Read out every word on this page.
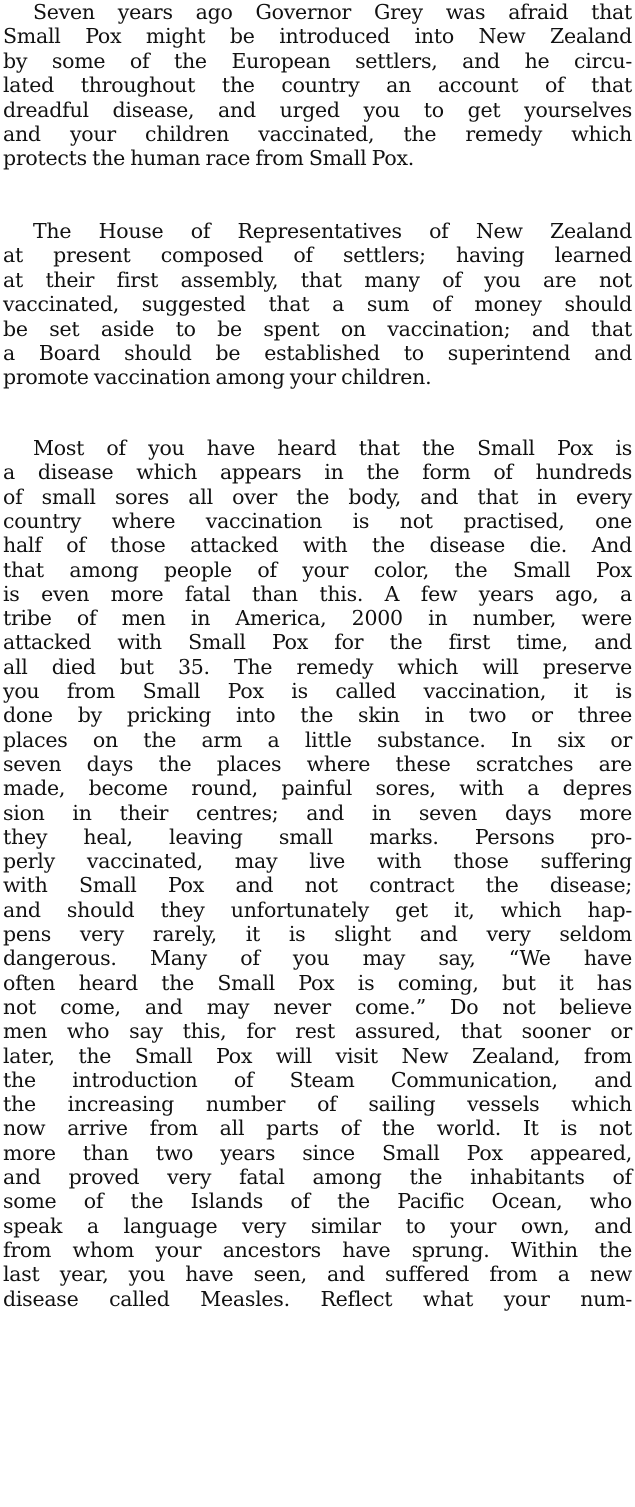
Seven years ago Governor Grey was afraid that
Small Pox might be introduced into New Zealand
by some of the European settlers, and he circu-
lated throughout the country an account of that
dreadful disease, and urged you to get yourselves
and your children vaccinated, the remedy which
protects the human race from Small Pox.
The House of Representatives of New Zealand
at present composed of settlers; having learned
at their first assembly, that many of you are not
vaccinated, suggested that a sum of money should
be set aside to be spent on vaccination; and that
a Board should be established to superintend and
promote vaccination among your children.
Most of you have heard that the Small Pox is
a disease which appears in the form of hundreds
of small sores all over the body, and that in every
country where vaccination is not practised, one
half of those attacked with the disease die. And
that among people of your color, the Small Pox
is even more fatal than this. A few years ago, a
tribe of men in America, 2000 in number, were
attacked with Small Pox for the first time, and
all died but 35. The remedy which will preserve
you from Small Pox is called vaccination, it is
done by pricking into the skin in two or three
places on the arm a little substance. In six or
seven days the places where these scratches are
made, become round, painful sores, with a depres
sion in their centres; and in seven days more
they heal, leaving small marks. Persons pro-
perly vaccinated, may live with those suffering
with Small Pox and not contract the disease;
and should they unfortunately get it, which hap-
pens very rarely, it is slight and very seldom
dangerous. Many of you may say, “We have
often heard the Small Pox is coming, but it has
not come, and may never come.” Do not believe
men who say this, for rest assured, that sooner or
later, the Small Pox will visit New Zealand, from
the introduction of Steam Communication, and
the increasing number of sailing vessels which
now arrive from all parts of the world. It is not
more than two years since Small Pox appeared,
and proved very fatal among the inhabitants of
some of the Islands of the Pacific Ocean, who
speak a language very similar to your own, and
from whom your ancestors have sprung. Within the
last year, you have seen, and suffered from a new
disease called Measles. Reflect what your num-
